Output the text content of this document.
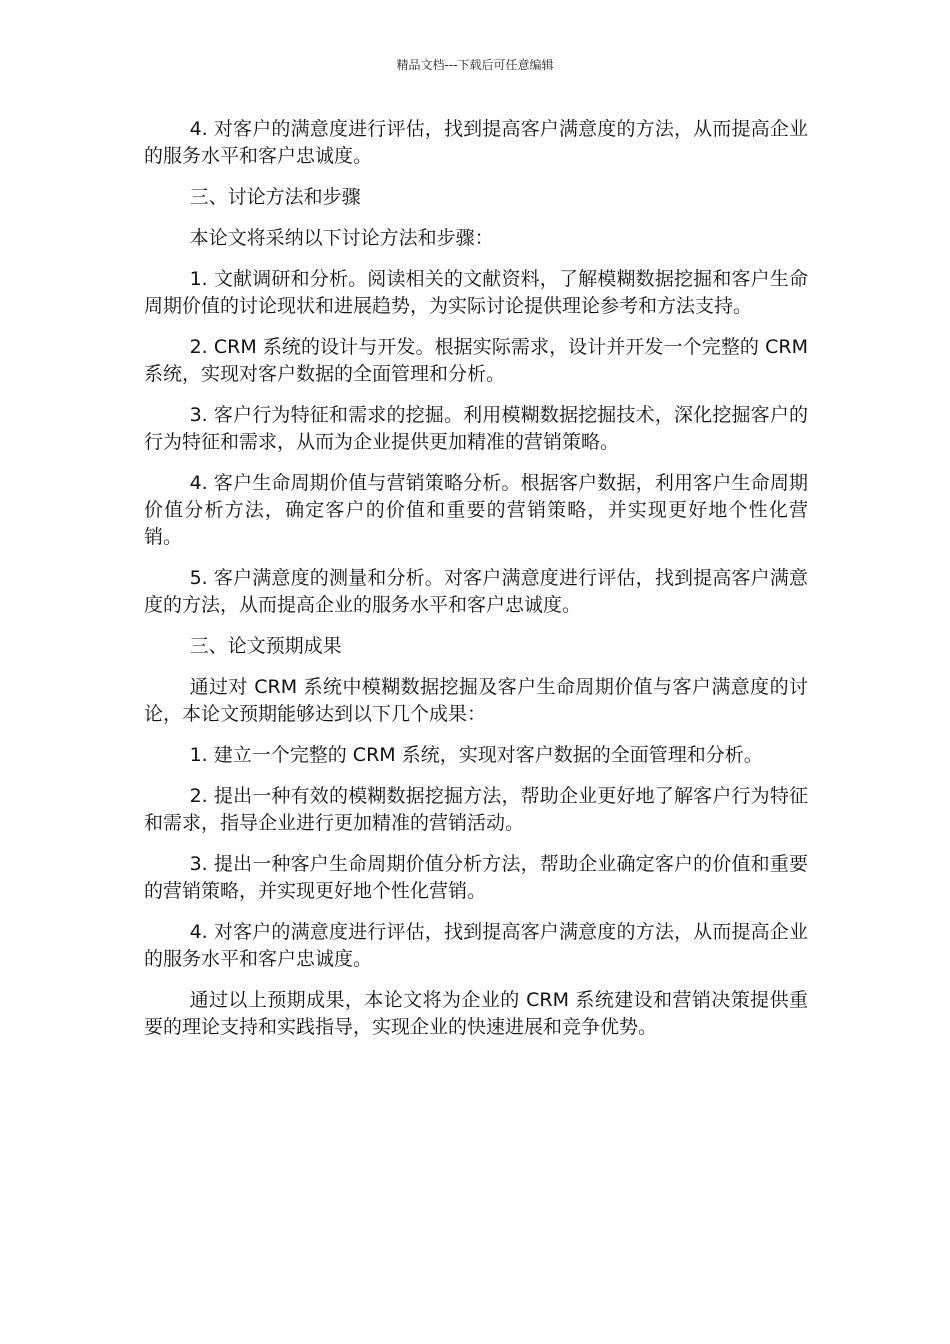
精品文档---下载后可任意编辑

4. 对客户的满意度进行评估，找到提高客户满意度的方法，从而提高企业的服务水平和客户忠诚度。

三、讨论方法和步骤

本论文将采纳以下讨论方法和步骤：

1. 文献调研和分析。阅读相关的文献资料，了解模糊数据挖掘和客户生命周期价值的讨论现状和进展趋势，为实际讨论提供理论参考和方法支持。

2. CRM 系统的设计与开发。根据实际需求，设计并开发一个完整的 CRM 系统，实现对客户数据的全面管理和分析。

3. 客户行为特征和需求的挖掘。利用模糊数据挖掘技术，深化挖掘客户的行为特征和需求，从而为企业提供更加精准的营销策略。

4. 客户生命周期价值与营销策略分析。根据客户数据，利用客户生命周期价值分析方法，确定客户的价值和重要的营销策略，并实现更好地个性化营销。

5. 客户满意度的测量和分析。对客户满意度进行评估，找到提高客户满意度的方法，从而提高企业的服务水平和客户忠诚度。

三、论文预期成果

通过对 CRM 系统中模糊数据挖掘及客户生命周期价值与客户满意度的讨论，本论文预期能够达到以下几个成果：

1. 建立一个完整的 CRM 系统，实现对客户数据的全面管理和分析。

2. 提出一种有效的模糊数据挖掘方法，帮助企业更好地了解客户行为特征和需求，指导企业进行更加精准的营销活动。

3. 提出一种客户生命周期价值分析方法，帮助企业确定客户的价值和重要的营销策略，并实现更好地个性化营销。

4. 对客户的满意度进行评估，找到提高客户满意度的方法，从而提高企业的服务水平和客户忠诚度。

通过以上预期成果，本论文将为企业的 CRM 系统建设和营销决策提供重要的理论支持和实践指导，实现企业的快速进展和竞争优势。
